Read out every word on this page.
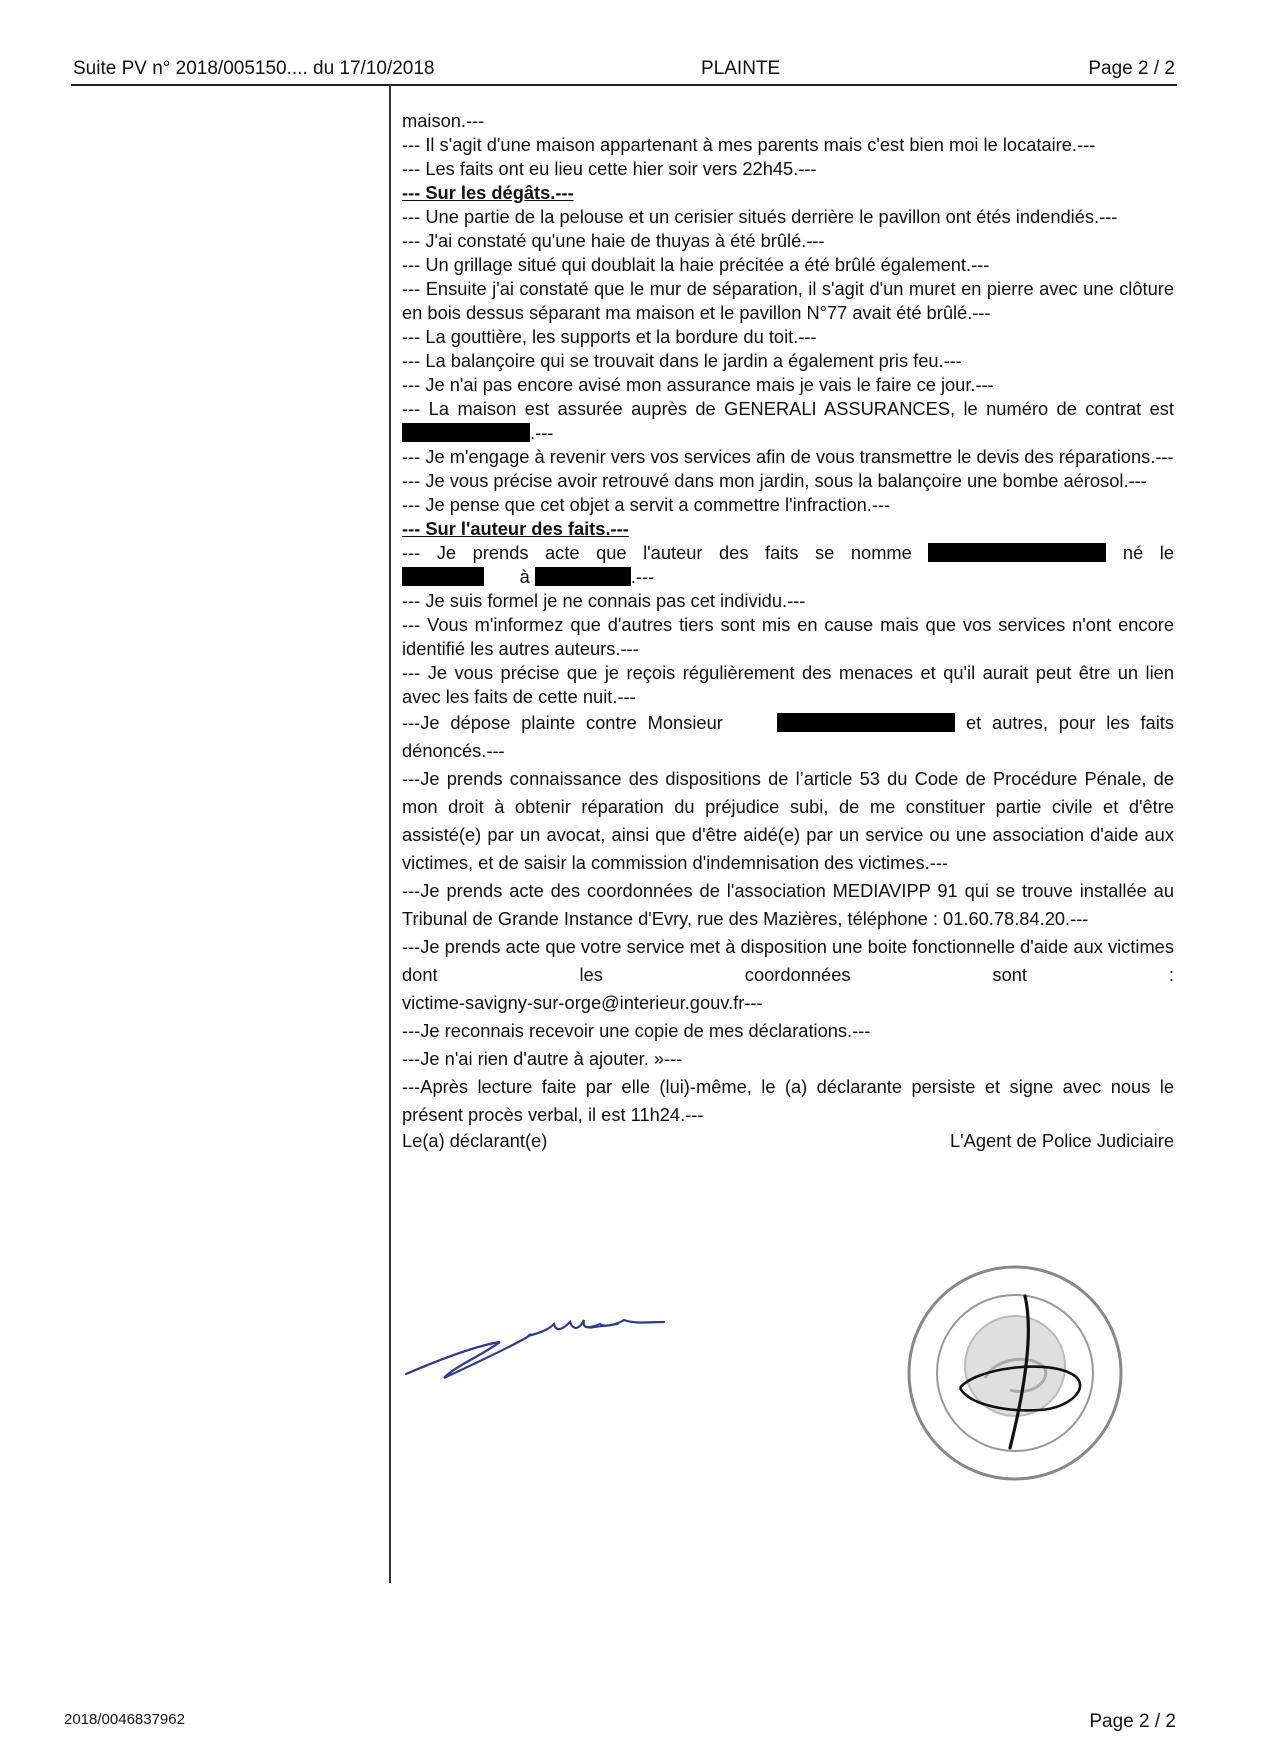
Suite PV n° 2018/005150.... du 17/10/2018	PLAINTE	Page 2 / 2

maison.---

--- Il s'agit d'une maison appartenant à mes parents mais c'est bien moi le locataire.---

--- Les faits ont eu lieu cette hier soir vers 22h45.---

--- Sur les dégâts.---

--- Une partie de la pelouse et un cerisier situés derrière le pavillon ont étés indendiés.---

--- J'ai constaté qu'une haie de thuyas à été brûlé.---

--- Un grillage situé qui doublait la haie précitée a été brûlé également.---

--- Ensuite j'ai constaté que le mur de séparation, il s'agit d'un muret en pierre avec une clôture en bois dessus séparant ma maison et le pavillon N°77 avait été brûlé.---

--- La gouttière, les supports et la bordure du toit.---

--- La balançoire qui se trouvait dans le jardin a également pris feu.---

--- Je n'ai pas encore avisé mon assurance mais je vais le faire ce jour.---

--- La maison est assurée auprès de GENERALI ASSURANCES, le numéro de contrat est.---

--- Je m'engage à revenir vers vos services afin de vous transmettre le devis des réparations.---

--- Je vous précise avoir retrouvé dans mon jardin, sous la balançoire une bombe aérosol.---

--- Je pense que cet objet a servit a commettre l'infraction.---

--- Sur l'auteur des faits.---

--- Je prends acte que l'auteur des faits se nomme	né le

à	.---

--- Je suis formel je ne connais pas cet individu.---

--- Vous m'informez que d'autres tiers sont mis en cause mais que vos services n'ont encore identifié les autres auteurs.---

--- Je vous précise que je reçois régulièrement des menaces et qu'il aurait peut être un lien avec les faits de cette nuit.---

---Je dépose plainte contre Monsieur	et autres, pour les faits dénoncés.---

---Je prends connaissance des dispositions de l’article 53 du Code de Procédure Pénale, de mon droit à obtenir réparation du préjudice subi, de me constituer partie civile et d'être assisté(e) par un avocat, ainsi que d'être aidé(e) par un service ou une association d'aide aux victimes, et de saisir la commission d'indemnisation des victimes.---

---Je prends acte des coordonnées de l'association MEDIAVIPP 91 qui se trouve installée au Tribunal de Grande Instance d'Evry, rue des Mazières, téléphone : 01.60.78.84.20.---

---Je prends acte que votre service met à disposition une boite fonctionnelle d'aide aux victimes dont les coordonnées sont :

victime-savigny-sur-orge@interieur.gouv.fr---

---Je reconnais recevoir une copie de mes déclarations.---

---Je n'ai rien d'autre à ajouter. »---

---Après lecture faite par elle (lui)-même, le (a) déclarante persiste et signe avec nous le présent procès verbal, il est 11h24.---

Le(a) déclarant(e)	L'Agent de Police Judiciaire
2018/0046837962	Page 2 / 2
